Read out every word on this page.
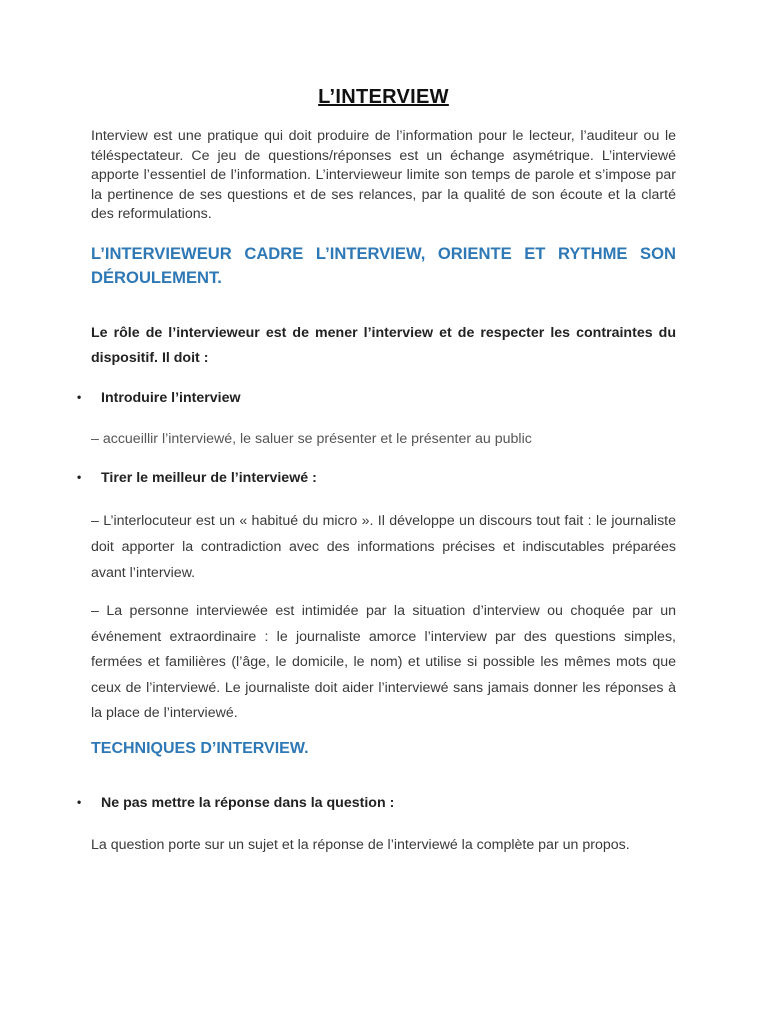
L’INTERVIEW
Interview est une pratique qui doit produire de l’information pour le lecteur, l’auditeur ou le téléspectateur. Ce jeu de questions/réponses est un échange asymétrique. L’interviewé apporte l’essentiel de l’information. L’intervieweur limite son temps de parole et s’impose par la pertinence de ses questions et de ses relances, par la qualité de son écoute et la clarté des reformulations.
L’INTERVIEWEUR CADRE L’INTERVIEW, ORIENTE ET RYTHME SON DÉROULEMENT.
Le rôle de l’intervieweur est de mener l’interview et de respecter les contraintes du dispositif. Il doit :
• Introduire l’interview
– accueillir l’interviewé, le saluer se présenter et le présenter au public
• Tirer le meilleur de l’interviewé :
– L’interlocuteur est un « habitué du micro ». Il développe un discours tout fait : le journaliste doit apporter la contradiction avec des informations précises et indiscutables préparées avant l’interview.
– La personne interviewée est intimidée par la situation d’interview ou choquée par un événement extraordinaire : le journaliste amorce l’interview par des questions simples, fermées et familières (l’âge, le domicile, le nom) et utilise si possible les mêmes mots que ceux de l’interviewé. Le journaliste doit aider l’interviewé sans jamais donner les réponses à la place de l’interviewé.
TECHNIQUES D’INTERVIEW.
• Ne pas mettre la réponse dans la question :
La question porte sur un sujet et la réponse de l’interviewé la complète par un propos.
